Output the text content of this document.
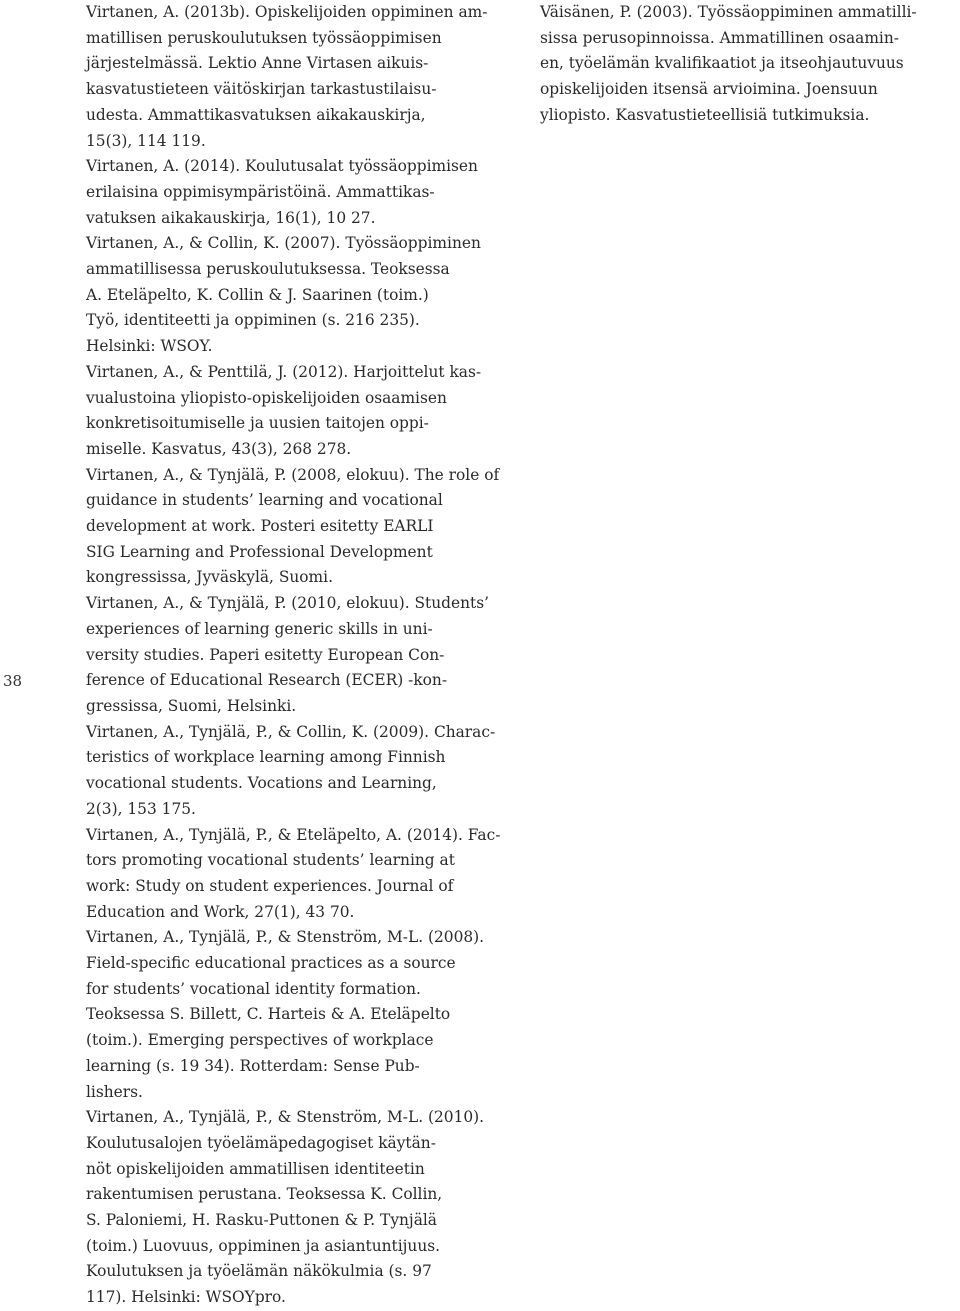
38

Virtanen, A. (2013b). Opiskelijoiden oppiminen am-
matillisen peruskoulutuksen työssäoppimisen
järjestelmässä. Lektio Anne Virtasen aikuis-
kasvatustieteen väitöskirjan tarkastustilaisu-
udesta. Ammattikasvatuksen aikakauskirja,
15(3), 114 119.

Virtanen, A. (2014). Koulutusalat työssäoppimisen
erilaisina oppimisympäristöinä. Ammattikas-
vatuksen aikakauskirja, 16(1), 10 27.

Virtanen, A., & Collin, K. (2007). Työssäoppiminen
ammatillisessa peruskoulutuksessa. Teoksessa
A. Eteläpelto, K. Collin & J. Saarinen (toim.)
Työ, identiteetti ja oppiminen (s. 216 235).
Helsinki: WSOY.

Virtanen, A., & Penttilä, J. (2012). Harjoittelut kas-
vualustoina yliopisto-opiskelijoiden osaamisen
konkretisoitumiselle ja uusien taitojen oppi-
miselle. Kasvatus, 43(3), 268 278.

Virtanen, A., & Tynjälä, P. (2008, elokuu). The role of
guidance in students’ learning and vocational
development at work. Posteri esitetty EARLI
SIG Learning and Professional Development
kongressissa, Jyväskylä, Suomi.

Virtanen, A., & Tynjälä, P. (2010, elokuu). Students’
experiences of learning generic skills in uni-
versity studies. Paperi esitetty European Con-
ference of Educational Research (ECER) -kon-
gressissa, Suomi, Helsinki.

Virtanen, A., Tynjälä, P., & Collin, K. (2009). Charac-
teristics of workplace learning among Finnish
vocational students. Vocations and Learning,
2(3), 153 175.

Virtanen, A., Tynjälä, P., & Eteläpelto, A. (2014). Fac-
tors promoting vocational students’ learning at
work: Study on student experiences. Journal of
Education and Work, 27(1), 43 70.

Virtanen, A., Tynjälä, P., & Stenström, M-L. (2008).
Field-specific educational practices as a source
for students’ vocational identity formation.
Teoksessa S. Billett, C. Harteis & A. Eteläpelto
(toim.). Emerging perspectives of workplace
learning (s. 19 34). Rotterdam: Sense Pub-
lishers.

Virtanen, A., Tynjälä, P., & Stenström, M-L. (2010).
Koulutusalojen työelämäpedagogiset käytän-
nöt opiskelijoiden ammatillisen identiteetin
rakentumisen perustana. Teoksessa K. Collin,
S. Paloniemi, H. Rasku-Puttonen & P. Tynjälä
(toim.) Luovuus, oppiminen ja asiantuntijuus.
Koulutuksen ja työelämän näkökulmia (s. 97
117). Helsinki: WSOYpro.

Väisänen, P. (2003). Työssäoppiminen ammatilli-
sissa perusopinnoissa. Ammatillinen osaamin-
en, työelämän kvalifikaatiot ja itseohjautuvuus
opiskelijoiden itsensä arvioimina. Joensuun
yliopisto. Kasvatustieteellisiä tutkimuksia.
